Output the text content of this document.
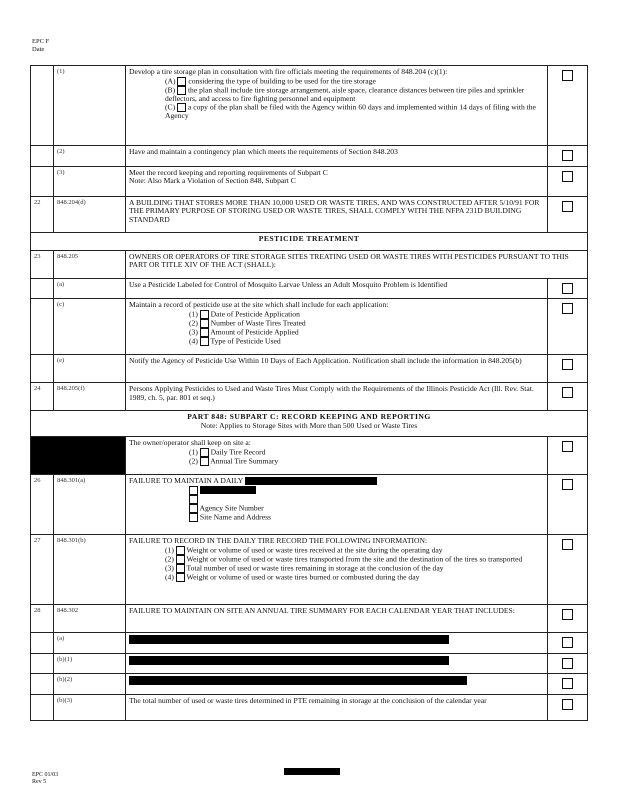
EPC F
Date
	(1)	Develop a tire storage plan in consultation with fire officials meeting the requirements of 848.204 (c)(1):
(A) considering the type of building to be used for the tire storage
(B) the plan shall include tire storage arrangement, aisle space, clearance distances between tire piles and sprinkler deflectors, and access to fire fighting personnel and equipment
(C) a copy of the plan shall be filed with the Agency within 60 days and implemented within 14 days of filing with the Agency	

	(2)	Have and maintain a contingency plan which meets the requirements of Section 848.203	
	(3)	Meet the record keeping and reporting requirements of Subpart C
Note: Also Mark a Violation of Section 848, Subpart C	

22	848.204(d)	A BUILDING THAT STORES MORE THAN 10,000 USED OR WASTE TIRES, AND WAS CONSTRUCTED AFTER 5/10/91 FOR THE PRIMARY PURPOSE OF STORING USED OR WASTE TIRES, SHALL COMPLY WITH THE NFPA 231D BUILDING STANDARD	
PESTICIDE TREATMENT			
23	848.205	OWNERS OR OPERATORS OF TIRE STORAGE SITES TREATING USED OR WASTE TIRES WITH PESTICIDES PURSUANT TO THIS PART OR TITLE XIV OF THE ACT (SHALL):	
	(a)	Use a Pesticide Labeled for Control of Mosquito Larvae Unless an Adult Mosquito Problem is Identified	
	(c)	Maintain a record of pesticide use at the site which shall include for each application:
(1) Date of Pesticide Application
(2) Number of Waste Tires Treated
(3) Amount of Pesticide Applied
(4) Type of Pesticide Used	

	(e)	Notify the Agency of Pesticide Use Within 10 Days of Each Application. Notification shall include the information in 848.205(b)	
24	848.205(f)	Persons Applying Pesticides to Used and Waste Tires Must Comply with the Requirements of the Illinois Pesticide Act (Ill. Rev. Stat. 1989, ch. 5, par. 801 et seq.)	

PART 848: SUBPART C: RECORD KEEPING AND REPORTING
Note: Applies to Storage Sites with More than 500 Used or Waste Tires			

		The owner/operator shall keep on site a:
(1) Daily Tire Record
(2) Annual Tire Summary	

26	848.301(a)	FAILURE TO MAINTAIN A DAILY

Agency Site Number
Site Name and Address	

27	848.301(b)	FAILURE TO RECORD IN THE DAILY TIRE RECORD THE FOLLOWING INFORMATION:
(1) Weight or volume of used or waste tires received at the site during the operating day
(2) Weight or volume of used or waste tires transported from the site and the destination of the tires so transported
(3) Total number of used or waste tires remaining in storage at the conclusion of the day
(4) Weight or volume of used or waste tires burned or combusted during the day	

28	848.302	FAILURE TO MAINTAIN ON SITE AN ANNUAL TIRE SUMMARY FOR EACH CALENDAR YEAR THAT INCLUDES:	
	(a)		
	(b)(1)		
	(b)(2)		
	(b)(3)	The total number of used or waste tires determined in PTE remaining in storage at the conclusion of the calendar year	
EPC 01/03
Rev 5
